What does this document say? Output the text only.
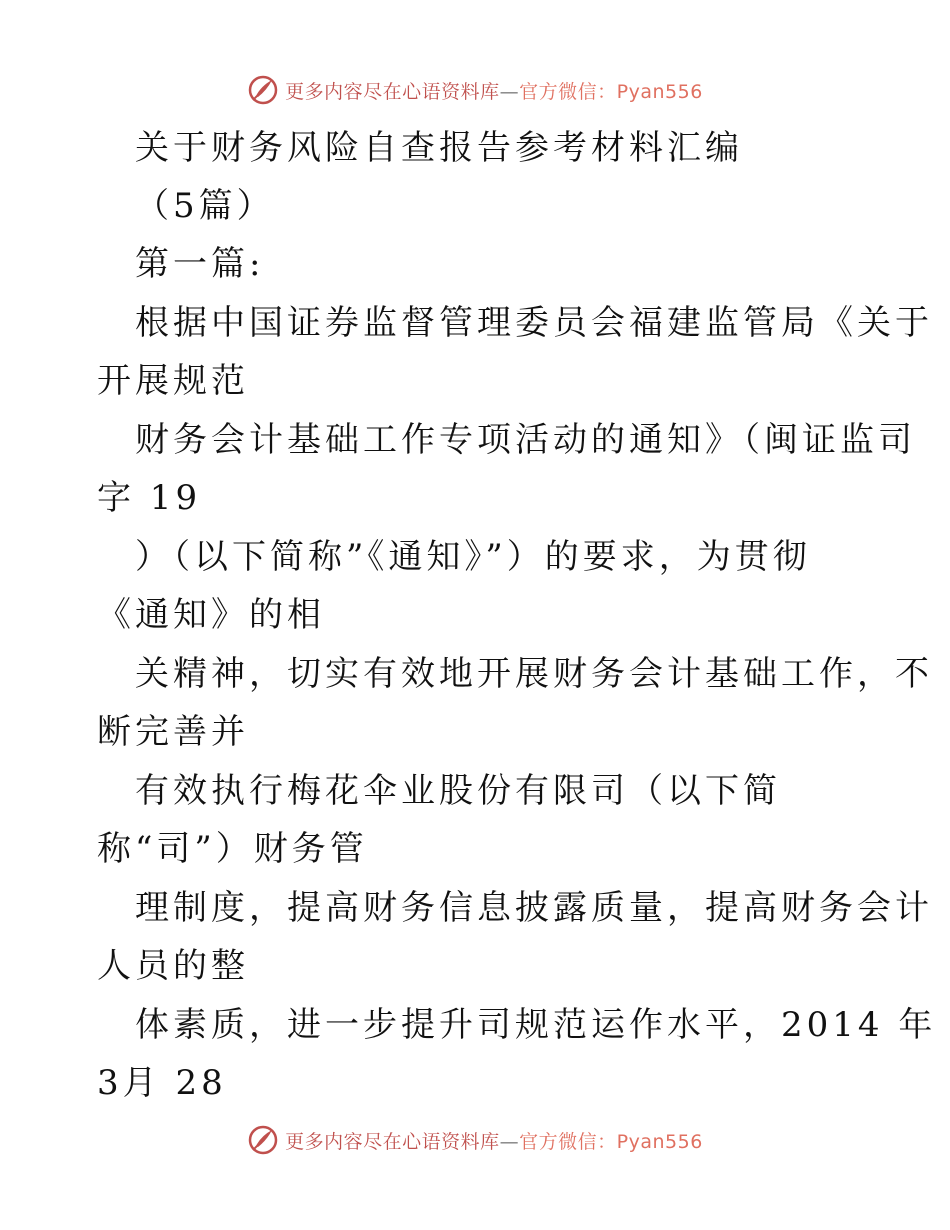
更多内容尽在心语资料库—官方微信：Pyan556
关于财务风险自查报告参考材料汇编
（5篇）
第一篇:
根据中国证券监督管理委员会福建监管局《关于
开展规范
财务会计基础工作专项活动的通知》（闽证监司
字 19
）（以下简称”《通知》”）的要求，为贯彻
《通知》的相
关精神，切实有效地开展财务会计基础工作，不
断完善并
有效执行梅花伞业股份有限司（以下简
称“司”）财务管
理制度，提高财务信息披露质量，提高财务会计
人员的整
体素质，进一步提升司规范运作水平，2014 年
3月 28
更多内容尽在心语资料库—官方微信：Pyan556
